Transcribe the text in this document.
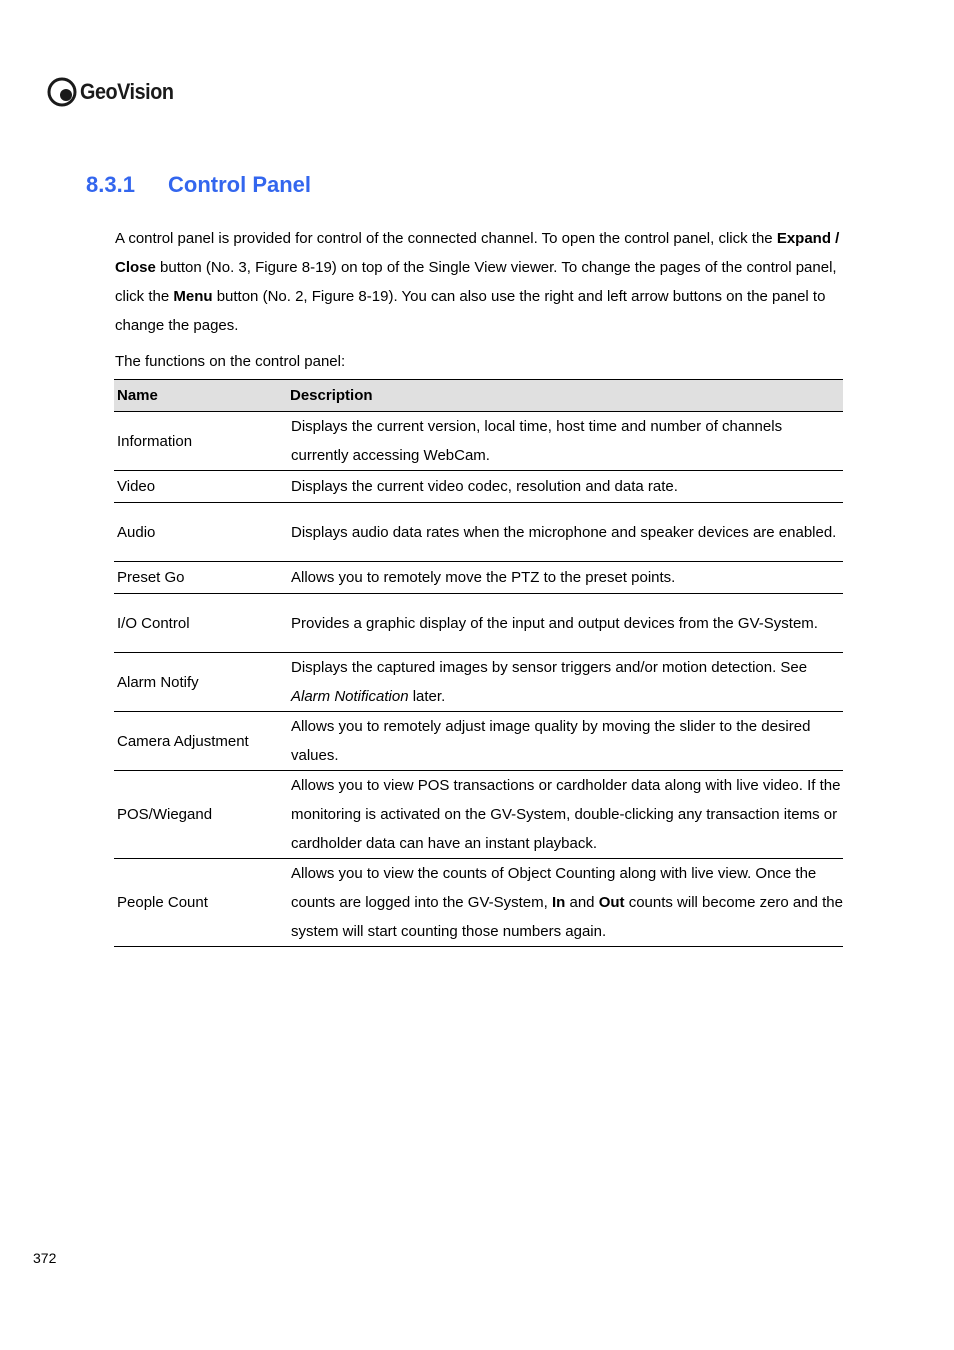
GeoVision
8.3.1 Control Panel

A control panel is provided for control of the connected channel. To open the control panel, click the Expand / Close button (No. 3, Figure 8-19) on top of the Single View viewer. To change the pages of the control panel, click the Menu button (No. 2, Figure 8-19). You can also use the right and left arrow buttons on the panel to change the pages.

The functions on the control panel:

Name	Description
Information	Displays the current version, local time, host time and number of channels currently accessing WebCam.
Video	Displays the current video codec, resolution and data rate.
Audio	Displays audio data rates when the microphone and speaker devices are enabled.
Preset Go	Allows you to remotely move the PTZ to the preset points.
I/O Control	Provides a graphic display of the input and output devices from the GV-System.
Alarm Notify	Displays the captured images by sensor triggers and/or motion detection. See Alarm Notification later.
Camera Adjustment	Allows you to remotely adjust image quality by moving the slider to the desired values.
POS/Wiegand	Allows you to view POS transactions or cardholder data along with live video. If the monitoring is activated on the GV-System, double-clicking any transaction items or cardholder data can have an instant playback.
People Count	Allows you to view the counts of Object Counting along with live view. Once the counts are logged into the GV-System, In and Out counts will become zero and the system will start counting those numbers again.
372
